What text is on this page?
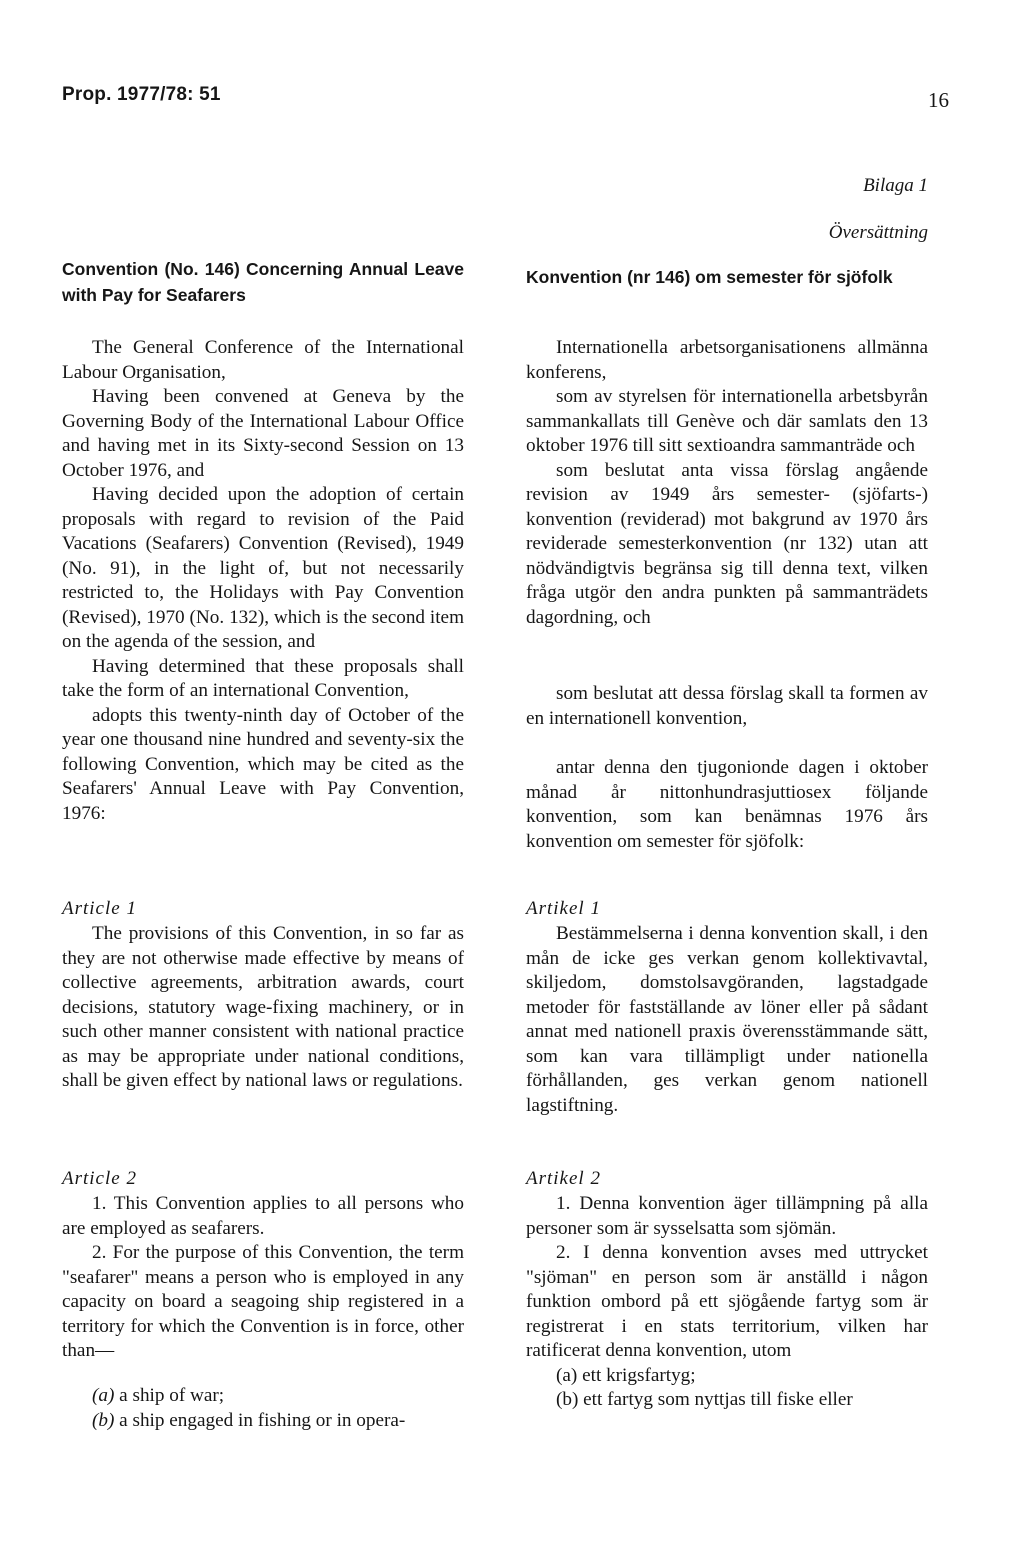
Prop. 1977/78: 51	16
Bilaga 1
Översättning
Convention (No. 146) Concerning Annual Leave with Pay for Seafarers
The General Conference of the International Labour Organisation,
Having been convened at Geneva by the Governing Body of the International Labour Office and having met in its Sixty-second Session on 13 October 1976, and
Having decided upon the adoption of certain proposals with regard to revision of the Paid Vacations (Seafarers) Convention (Revised), 1949 (No. 91), in the light of, but not necessarily restricted to, the Holidays with Pay Convention (Revised), 1970 (No. 132), which is the second item on the agenda of the session, and
Having determined that these proposals shall take the form of an international Convention,
adopts this twenty-ninth day of October of the year one thousand nine hundred and seventy-six the following Convention, which may be cited as the Seafarers' Annual Leave with Pay Convention, 1976:
Article 1
The provisions of this Convention, in so far as they are not otherwise made effective by means of collective agreements, arbitration awards, court decisions, statutory wage-fixing machinery, or in such other manner consistent with national practice as may be appropriate under national conditions, shall be given effect by national laws or regulations.
Article 2
1. This Convention applies to all persons who are employed as seafarers.
2. For the purpose of this Convention, the term "seafarer" means a person who is employed in any capacity on board a seagoing ship registered in a territory for which the Convention is in force, other than—
(a) a ship of war;
(b) a ship engaged in fishing or in opera-
Konvention (nr 146) om semester för sjöfolk
Internationella arbetsorganisationens allmänna konferens,
som av styrelsen för internationella arbetsbyrån sammankallats till Genève och där samlats den 13 oktober 1976 till sitt sextioandra sammanträde och
som beslutat anta vissa förslag angående revision av 1949 års semester- (sjöfarts-) konvention (reviderad) mot bakgrund av 1970 års reviderade semesterkonvention (nr 132) utan att nödvändigtvis begränsa sig till denna text, vilken fråga utgör den andra punkten på sammanträdets dagordning, och
som beslutat att dessa förslag skall ta formen av en internationell konvention,
antar denna den tjugonionde dagen i oktober månad år nittonhundrasjuttiosex följande konvention, som kan benämnas 1976 års konvention om semester för sjöfolk:
Artikel 1
Bestämmelserna i denna konvention skall, i den mån de icke ges verkan genom kollektivavtal, skiljedom, domstolsavgöranden, lagstadgade metoder för fastställande av löner eller på sådant annat med nationell praxis överensstämmande sätt, som kan vara tillämpligt under nationella förhållanden, ges verkan genom nationell lagstiftning.
Artikel 2
1. Denna konvention äger tillämpning på alla personer som är sysselsatta som sjömän.
2. I denna konvention avses med uttrycket "sjöman" en person som är anställd i någon funktion ombord på ett sjögående fartyg som är registrerat i en stats territorium, vilken har ratificerat denna konvention, utom
(a) ett krigsfartyg;
(b) ett fartyg som nyttjas till fiske eller
